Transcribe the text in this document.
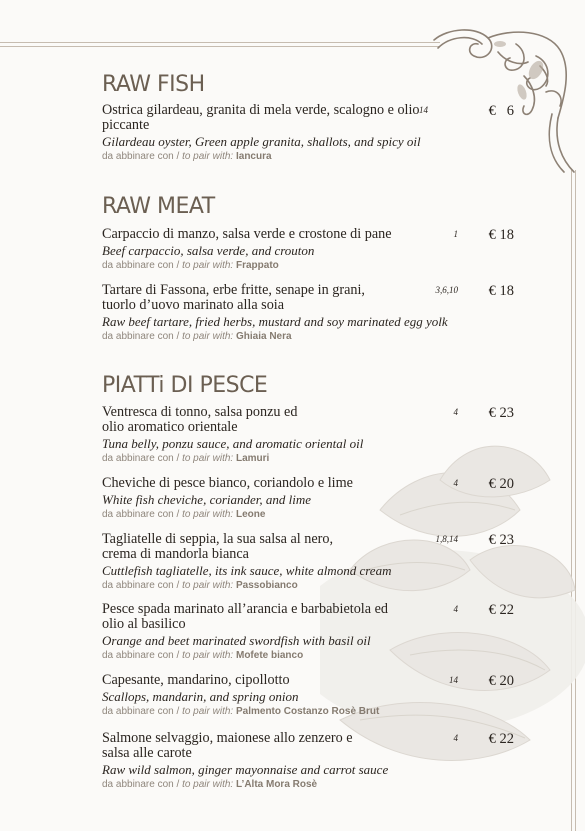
RAW FISH
Ostrica gilardeau, granita di mela verde, scalogno e olio piccante
Gilardeau oyster, Green apple granita, shallots, and spicy oil
da abbinare con / to pair with: Iancura
14	€   6
RAW MEAT
Carpaccio di manzo, salsa verde e crostone di pane
Beef carpaccio, salsa verde, and crouton
da abbinare con / to pair with: Frappato
1 € 18
Tartare di Fassona, erbe fritte, senape in grani, tuorlo d’uovo marinato alla soia
Raw beef tartare, fried herbs, mustard and soy marinated egg yolk
da abbinare con / to pair with: Ghiaia Nera
3,6,10 € 18
PIATTi DI PESCE
Ventresca di tonno, salsa ponzu ed olio aromatico orientale
Tuna belly, ponzu sauce, and aromatic oriental oil
da abbinare con / to pair with: Lamuri
4 € 23
Cheviche di pesce bianco, coriandolo e lime
White fish cheviche, coriander, and lime
da abbinare con / to pair with: Leone
4 € 20
Tagliatelle di seppia, la sua salsa al nero, crema di mandorla bianca
Cuttlefish tagliatelle, its ink sauce, white almond cream
da abbinare con / to pair with: Passobianco
1,8,14 € 23
Pesce spada marinato all’arancia e barbabietola ed olio al basilico
Orange and beet marinated swordfish with basil oil
da abbinare con / to pair with: Mofete bianco
4 € 22
Capesante, mandarino, cipollotto
Scallops, mandarin, and spring onion
da abbinare con / to pair with: Palmento Costanzo Rosè Brut
14 € 20
Salmone selvaggio, maionese allo zenzero e salsa alle carote
Raw wild salmon, ginger mayonnaise and carrot sauce
da abbinare con / to pair with: L’Alta Mora Rosè
4 € 22
